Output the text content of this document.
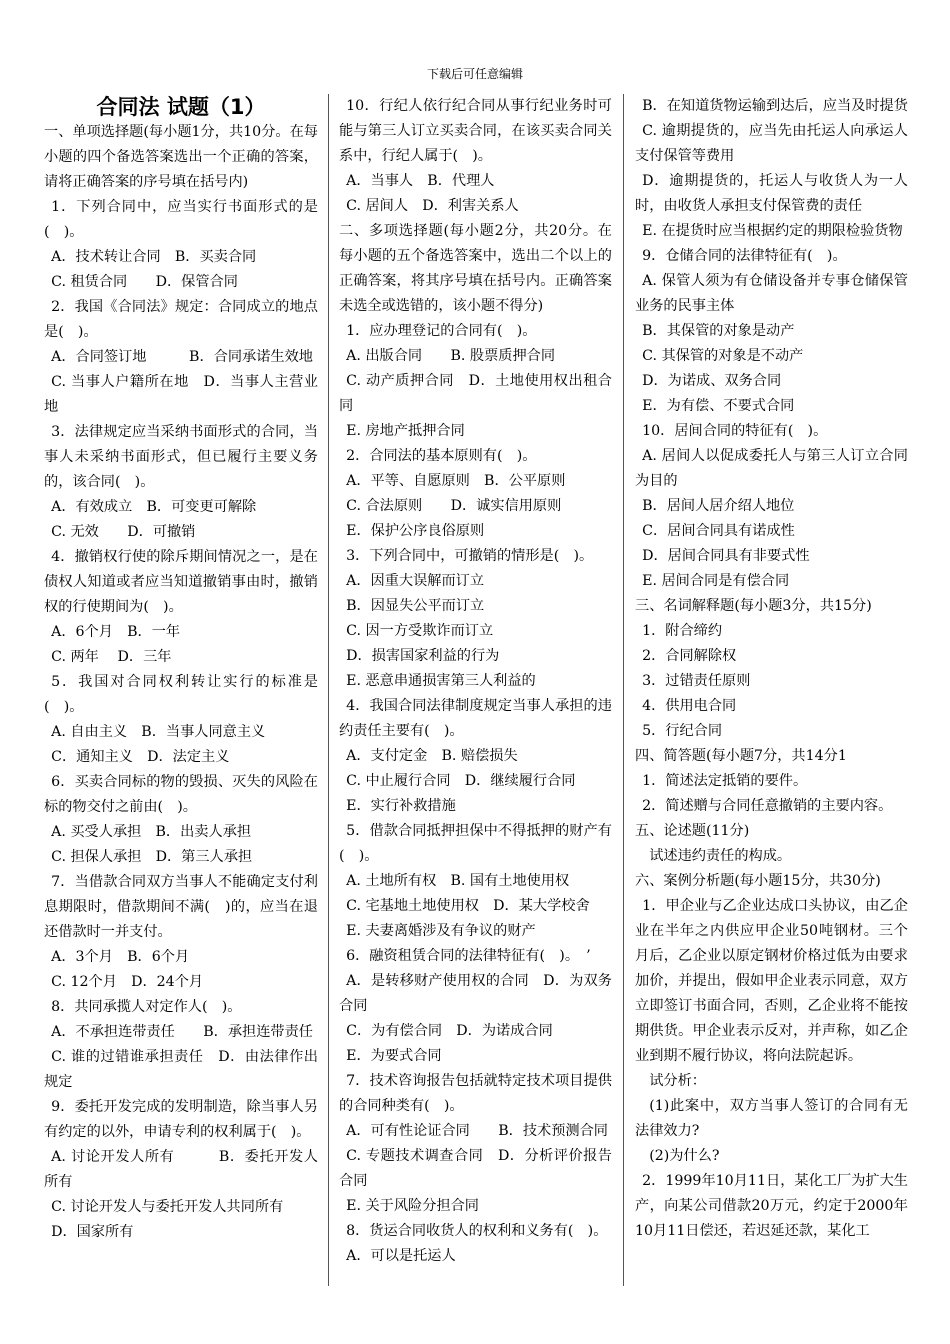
下载后可任意编辑
合同法 试题（1）

一、单项选择题(每小题1分，共10分。在每小题的四个备选答案选出一个正确的答案，请将正确答案的序号填在括号内)

1．下列合同中，应当实行书面形式的是(　)。

A．技术转让合同　B．买卖合同

C. 租赁合同　　D．保管合同

2．我国《合同法》规定：合同成立的地点是(　)。

A．合同签订地　　　B．合同承诺生效地

C. 当事人户籍所在地　D．当事人主营业地

3．法律规定应当采纳书面形式的合同，当事人未采纳书面形式，但已履行主要义务的，该合同(　)。

A．有效成立　B．可变更可解除

C. 无效　　D．可撤销

4．撤销权行使的除斥期间情况之一，是在债权人知道或者应当知道撤销事由时，撤销权的行使期间为(　)。

A．6个月　B．一年

C. 两年　 D．三年

5．我国对合同权利转让实行的标准是(　)。

A. 自由主义　B．当事人同意主义

C．通知主义　D．法定主义

6．买卖合同标的物的毁损、灭失的风险在标的物交付之前由(　)。

A. 买受人承担　B．出卖人承担

C. 担保人承担　D．第三人承担

7．当借款合同双方当事人不能确定支付利息期限时，借款期间不满(　)的，应当在退还借款时一并支付。

A．3个月　B．6个月

C. 12个月　D．24个月

8．共同承揽人对定作人(　)。

A．不承担连带责任　　B．承担连带责任

C. 谁的过错谁承担责任　D．由法律作出规定

9．委托开发完成的发明制造，除当事人另有约定的以外，申请专利的权利属于(　)。

A. 讨论开发人所有　　　B．委托开发人所有

C. 讨论开发人与委托开发人共同所有

D．国家所有

10．行纪人依行纪合同从事行纪业务时可能与第三人订立买卖合同，在该买卖合同关系中，行纪人属于(　)。

A．当事人　B．代理人

C. 居间人　D．利害关系人

二、多项选择题(每小题2分，共20分。在每小题的五个备选答案中，选出二个以上的正确答案，将其序号填在括号内。正确答案未选全或选错的，该小题不得分)

1．应办理登记的合同有(　)。

A. 出版合同　　B. 股票质押合同

C. 动产质押合同　D．土地使用权出租合同

E. 房地产抵押合同

2．合同法的基本原则有(　)。

A．平等、自愿原则　B．公平原则

C. 合法原则　　D．诚实信用原则

E．保护公序良俗原则

3．下列合同中，可撤销的情形是(　)。

A．因重大误解而订立

B．因显失公平而订立

C. 因一方受欺诈而订立

D．损害国家利益的行为

E. 恶意串通损害第三人利益的

4．我国合同法律制度规定当事人承担的违约责任主要有(　)。

A．支付定金　B. 赔偿损失

C. 中止履行合同　D．继续履行合同

E．实行补救措施

5．借款合同抵押担保中不得抵押的财产有(　)。

A. 土地所有权　B. 国有土地使用权

C. 宅基地土地使用权　D．某大学校舍

E. 夫妻离婚涉及有争议的财产

6．融资租赁合同的法律特征有(　)。　’

A．是转移财产使用权的合同　D．为双务合同

C．为有偿合同　D．为诺成合同

E．为要式合同

7．技术咨询报告包括就特定技术项目提供的合同种类有(　)。

A．可有性论证合同　　B．技术预测合同

C. 专题技术调查合同　D．分析评价报告合同

E. 关于风险分担合同

8．货运合同收货人的权利和义务有(　)。

A．可以是托运人

B．在知道货物运输到达后，应当及时提货

C. 逾期提货的，应当先由托运人向承运人支付保管等费用

D．逾期提货的，托运人与收货人为一人时，由收货人承担支付保管费的责任

E. 在提货时应当根据约定的期限检验货物

9．仓储合同的法律特征有(　)。

A. 保管人须为有仓储设备并专事仓储保管业务的民事主体

B．其保管的对象是动产

C. 其保管的对象是不动产

D．为诺成、双务合同

E．为有偿、不要式合同

10．居间合同的特征有(　)。

A. 居间人以促成委托人与第三人订立合同为目的

B．居间人居介绍人地位

C．居间合同具有诺成性

D．居间合同具有非要式性

E. 居间合同是有偿合同

三、名词解释题(每小题3分，共15分)

1．附合缔约

2．合同解除权

3．过错责任原则

4．供用电合同

5．行纪合同

四、简答题(每小题7分，共14分1

1．简述法定抵销的要件。

2．简述赠与合同任意撤销的主要内容。

五、论述题(11分)

试述违约责任的构成。

六、案例分析题(每小题15分，共30分)

1．甲企业与乙企业达成口头协议，由乙企业在半年之内供应甲企业50吨钢材。三个月后，乙企业以原定钢材价格过低为由要求加价，并提出，假如甲企业表示同意，双方立即签订书面合同，否则，乙企业将不能按期供货。甲企业表示反对，并声称，如乙企业到期不履行协议，将向法院起诉。

试分析：

(1)此案中，双方当事人签订的合同有无法律效力?

(2)为什么?

2．1999年10月11日，某化工厂为扩大生产，向某公司借款20万元，约定于2000年10月11日偿还，若迟延还款，某化工
